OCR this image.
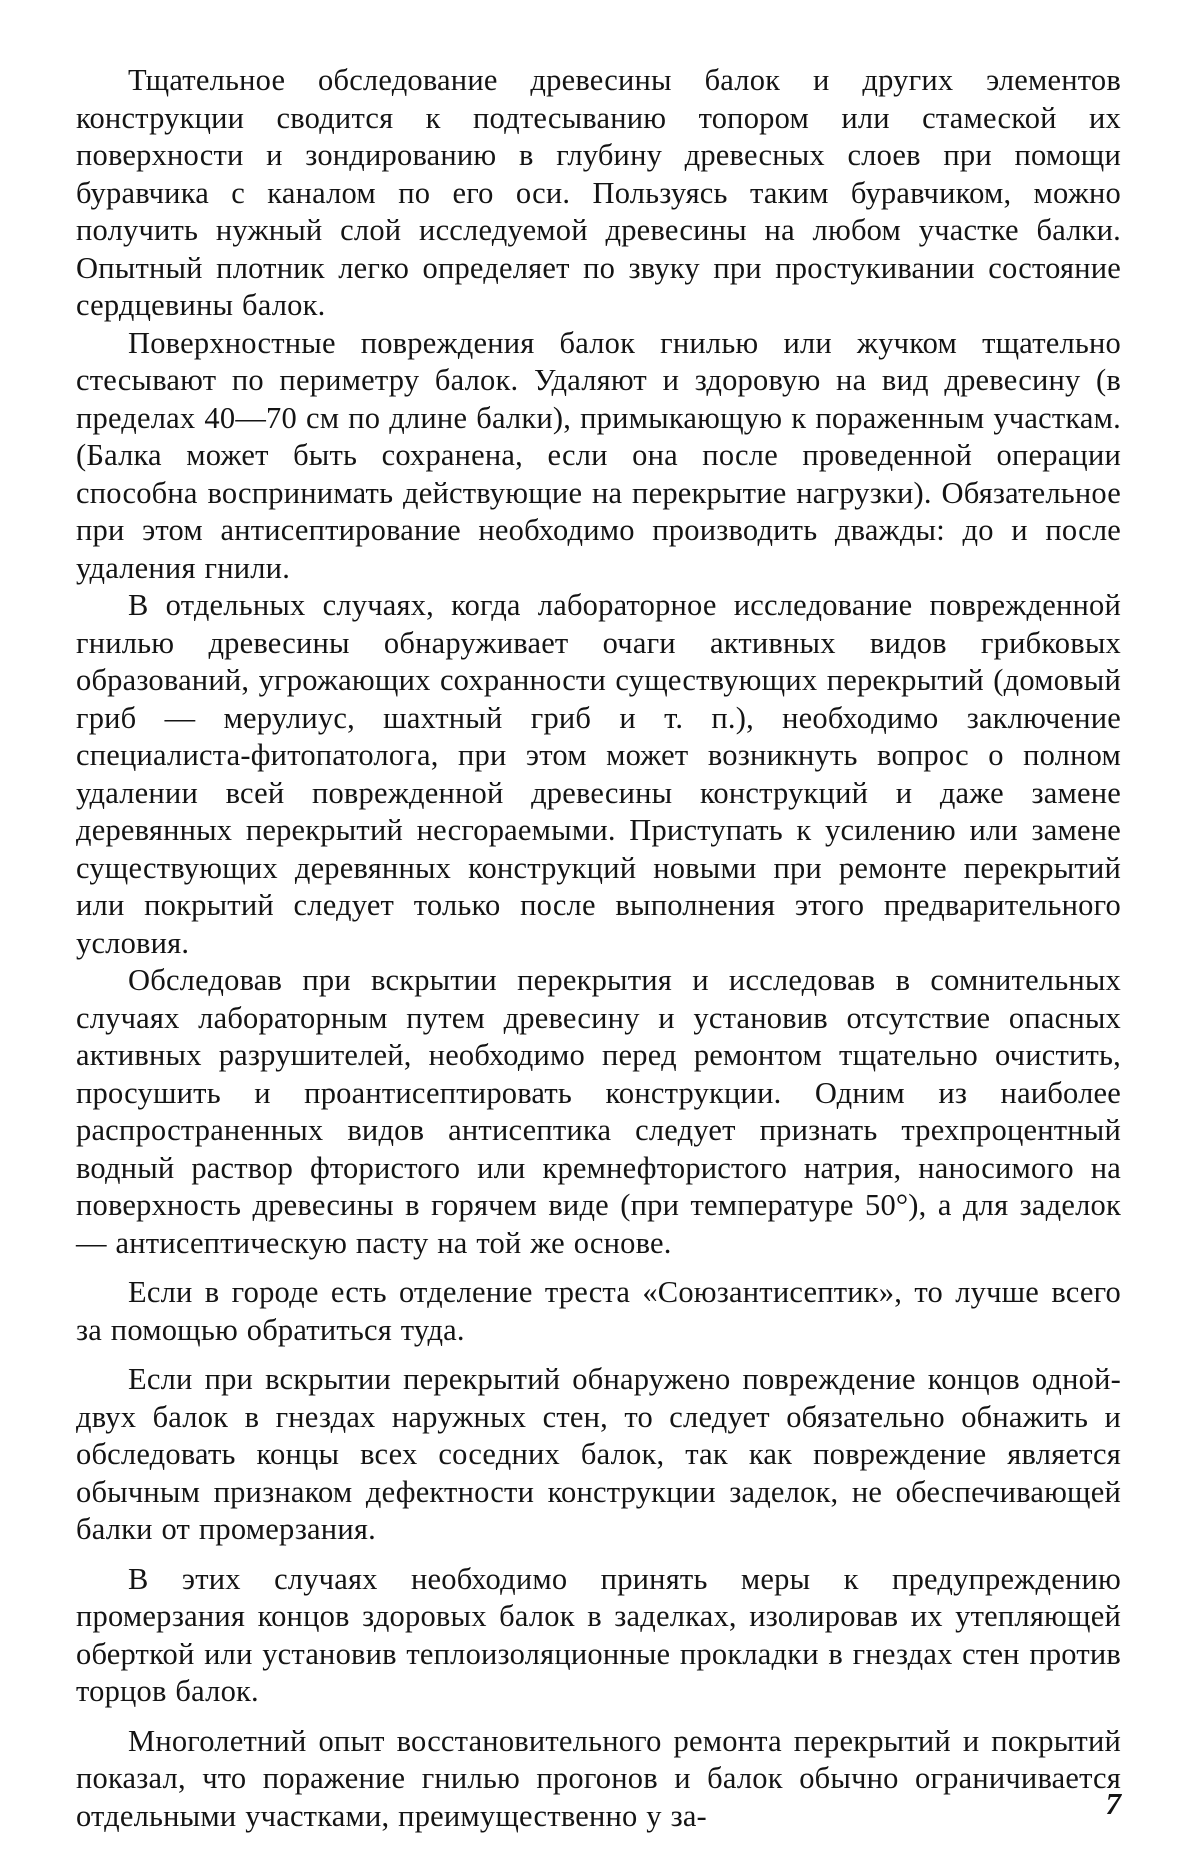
Тщательное обследование древесины балок и других элементов конструкции сводится к подтесыванию топором или стамеской их поверхности и зондированию в глубину древесных слоев при помощи буравчика с каналом по его оси. Пользуясь таким буравчиком, можно получить нужный слой исследуемой древесины на любом участке балки. Опытный плотник легко определяет по звуку при простукивании состояние сердцевины балок.

Поверхностные повреждения балок гнилью или жучком тщательно стесывают по периметру балок. Удаляют и здоровую на вид древесину (в пределах 40—70 см по длине балки), примыкающую к пораженным участкам. (Балка может быть сохранена, если она после проведенной операции способна воспринимать действующие на перекрытие нагрузки). Обязательное при этом антисептирование необходимо производить дважды: до и после удаления гнили.

В отдельных случаях, когда лабораторное исследование поврежденной гнилью древесины обнаруживает очаги активных видов грибковых образований, угрожающих сохранности существующих перекрытий (домовый гриб — мерулиус, шахтный гриб и т. п.), необходимо заключение специалиста-фитопатолога, при этом может возникнуть вопрос о полном удалении всей поврежденной древесины конструкций и даже замене деревянных перекрытий несгораемыми. Приступать к усилению или замене существующих деревянных конструкций новыми при ремонте перекрытий или покрытий следует только после выполнения этого предварительного условия.

Обследовав при вскрытии перекрытия и исследовав в сомнительных случаях лабораторным путем древесину и установив отсутствие опасных активных разрушителей, необходимо перед ремонтом тщательно очистить, просушить и проантисептировать конструкции. Одним из наиболее распространенных видов антисептика следует признать трехпроцентный водный раствор фтористого или кремнефтористого натрия, наносимого на поверхность древесины в горячем виде (при температуре 50°), а для заделок — антисептическую пасту на той же основе.

Если в городе есть отделение треста «Союзантисептик», то лучше всего за помощью обратиться туда.

Если при вскрытии перекрытий обнаружено повреждение концов одной-двух балок в гнездах наружных стен, то следует обязательно обнажить и обследовать концы всех соседних балок, так как повреждение является обычным признаком дефектности конструкции заделок, не обеспечивающей балки от промерзания.

В этих случаях необходимо принять меры к предупреждению промерзания концов здоровых балок в заделках, изолировав их утепляющей оберткой или установив теплоизоляционные прокладки в гнездах стен против торцов балок.

Многолетний опыт восстановительного ремонта перекрытий и покрытий показал, что поражение гнилью прогонов и балок обычно ограничивается отдельными участками, преимущественно у за-	7
